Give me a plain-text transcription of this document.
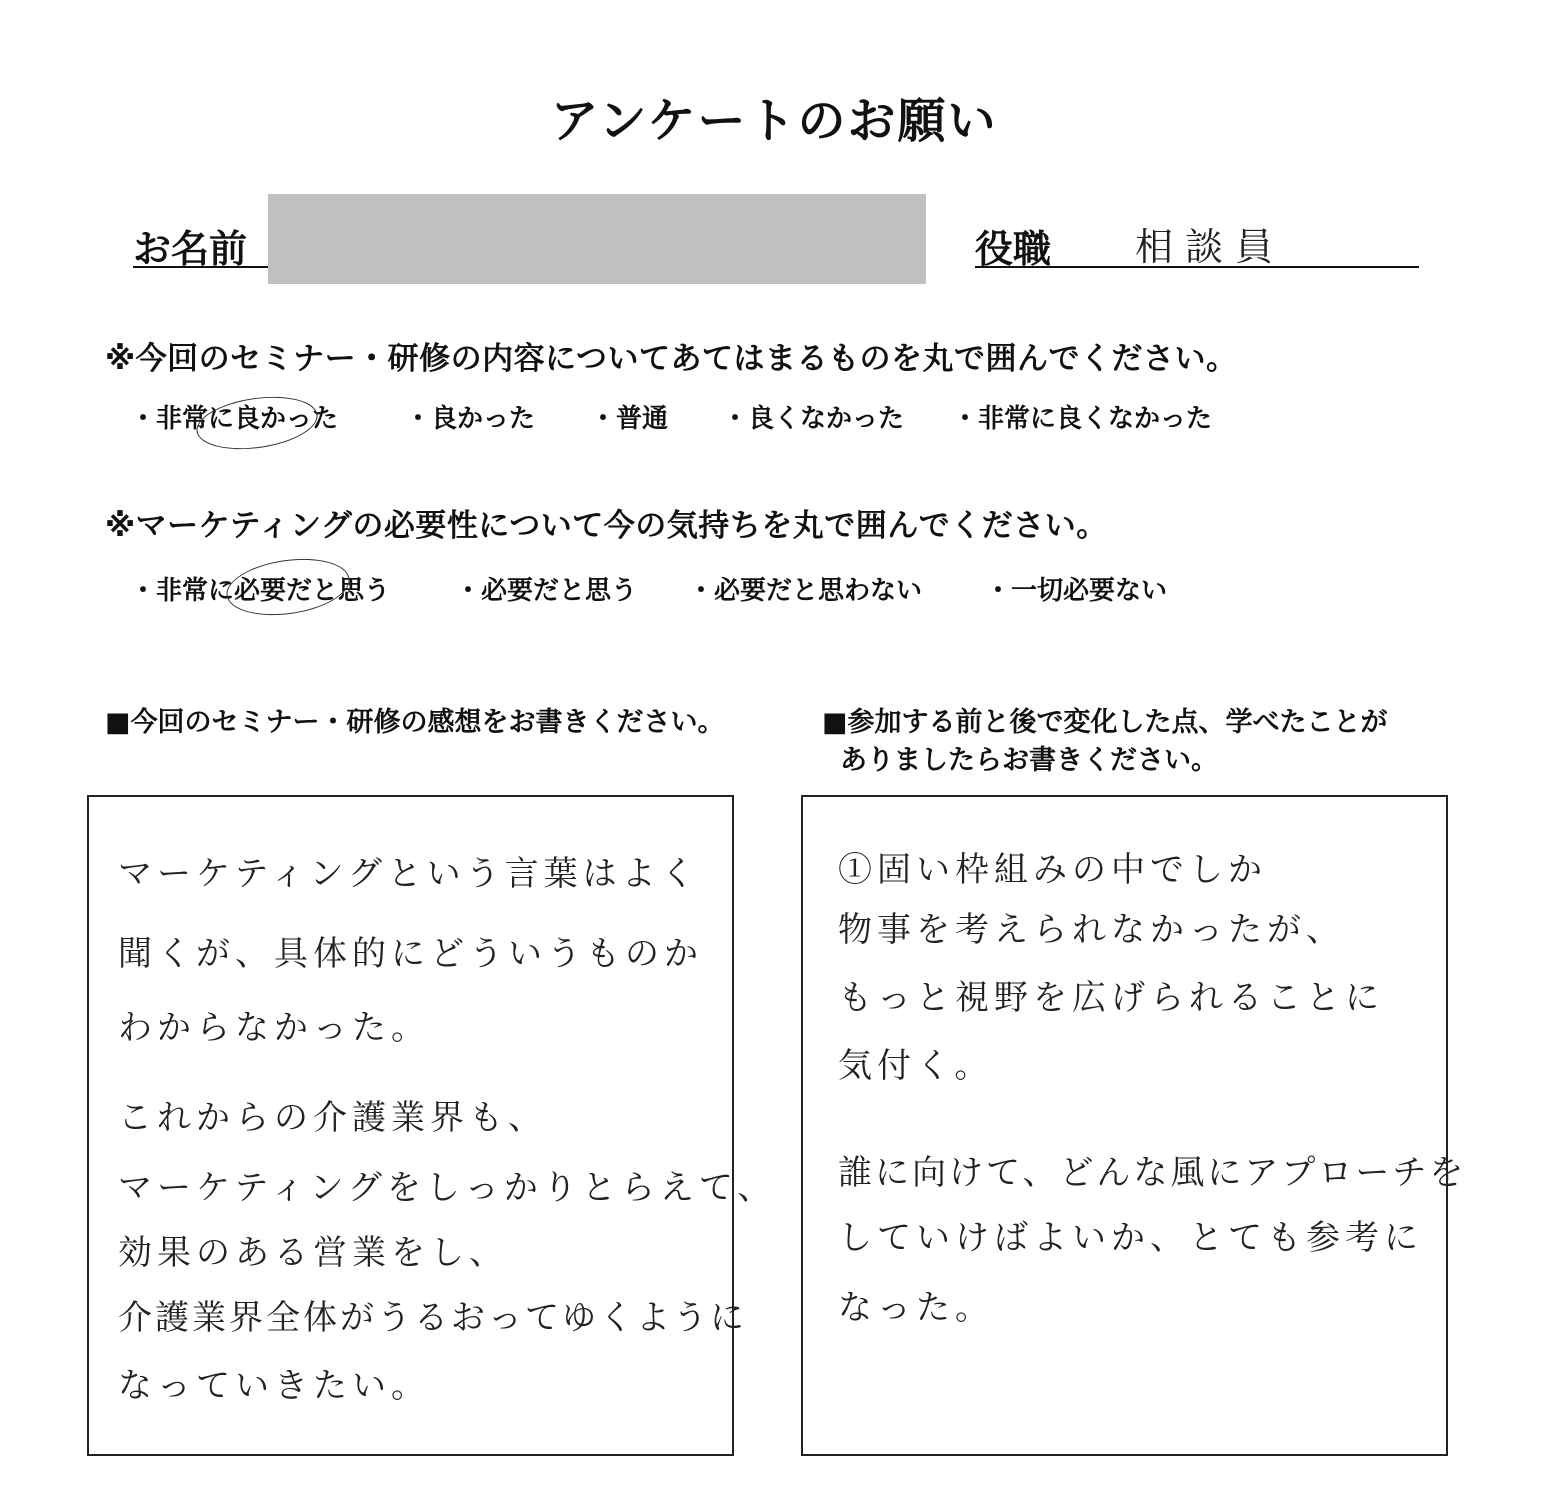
アンケートのお願い
お名前	役職 相談員
※今回のセミナー・研修の内容についてあてはまるものを丸で囲んでください。
・非常に良かった	・良かった ・普通 ・良くなかった ・非常に良くなかった
※マーケティングの必要性について今の気持ちを丸で囲んでください。
・非常に必要だと思う ・必要だと思う ・必要だと思わない ・一切必要ない
■今回のセミナー・研修の感想をお書きください。
マーケティングという言葉はよく
聞くが、具体的にどういうものか
わからなかった。
これからの介護業界も、
マーケティングをしっかりとらえて、
効果のある営業をし、
介護業界全体がうるおってゆくように
なっていきたい。
■参加する前と後で変化した点、学べたことが
ありましたらお書きください。
①固い枠組みの中でしか
物事を考えられなかったが、
もっと視野を広げられることに
気付く。
誰に向けて、どんな風にアプローチを
していけばよいか、とても参考に
なった。
